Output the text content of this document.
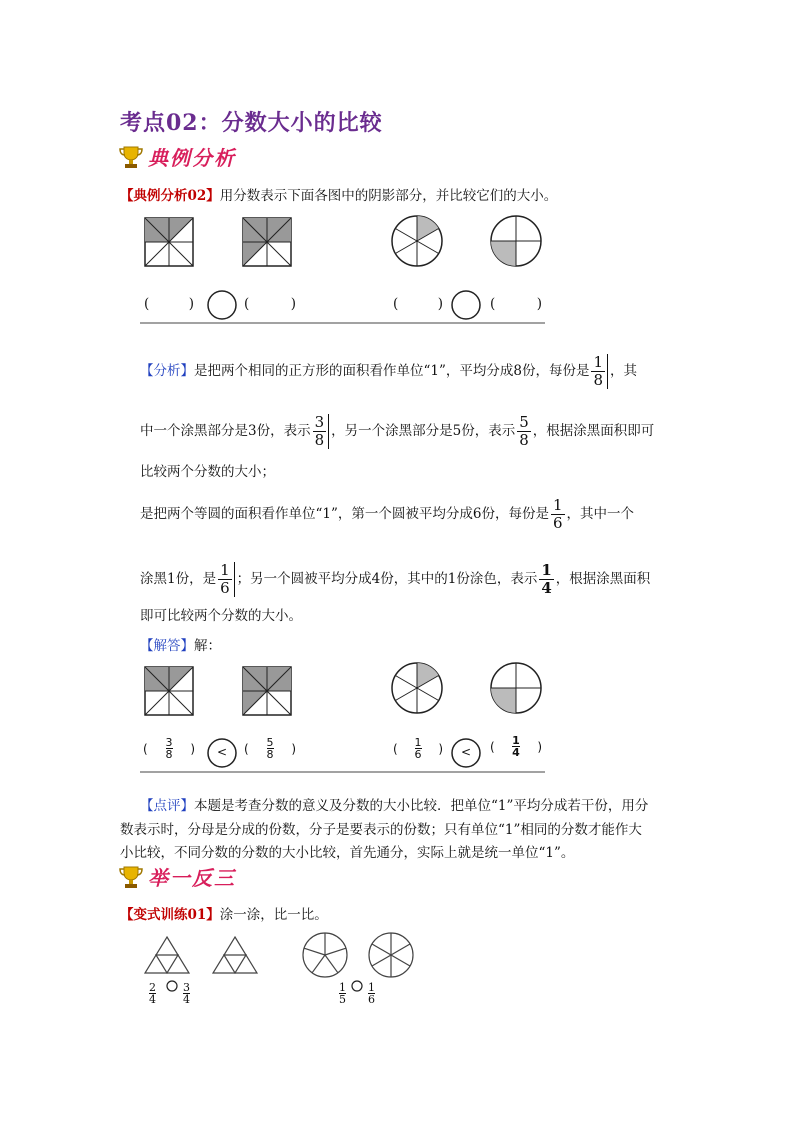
考点02：分数大小的比较
典例分析
【典例分析02】用分数表示下面各图中的阴影部分，并比较它们的大小。
(	)	(	)	(	)	(	)
【分析】是把两个相同的正方形的面积看作单位“1”，平均分成8份，每份是 $\frac{1}{8}$ ，其
中一个涂黑部分是3份，表示 $\frac{3}{8}$ ，另一个涂黑部分是5份，表示 $\frac{5}{8}$ ，根据涂黑面积即可
比较两个分数的大小；
是把两个等圆的面积看作单位“1”，第一个圆被平均分成6份，每份是 $\frac{1}{6}$ ，其中一个
涂黑1份，是 $\frac{1}{6}$ ；另一个圆被平均分成4份，其中的1份涂色，表示 $\frac{1}{4}$ ，根据涂黑面积
即可比较两个分数的大小。
【解答】解：
( $\frac{3}{8}$ ) < ( $\frac{5}{8}$ )	( $\frac{1}{6}$ ) < ( $\frac{1}{4}$ )
【点评】本题是考查分数的意义及分数的大小比较．把单位“1”平均分成若干份，用分
数表示时，分母是分成的份数，分子是要表示的份数；只有单位“1”相同的分数才能作大
小比较，不同分数的分数的大小比较，首先通分，实际上就是统一单位“1”。
举一反三
【变式训练01】涂一涂，比一比。
$\frac{2}{4} \frac{3}{4}$	$\frac{1}{5} \frac{1}{6}$
